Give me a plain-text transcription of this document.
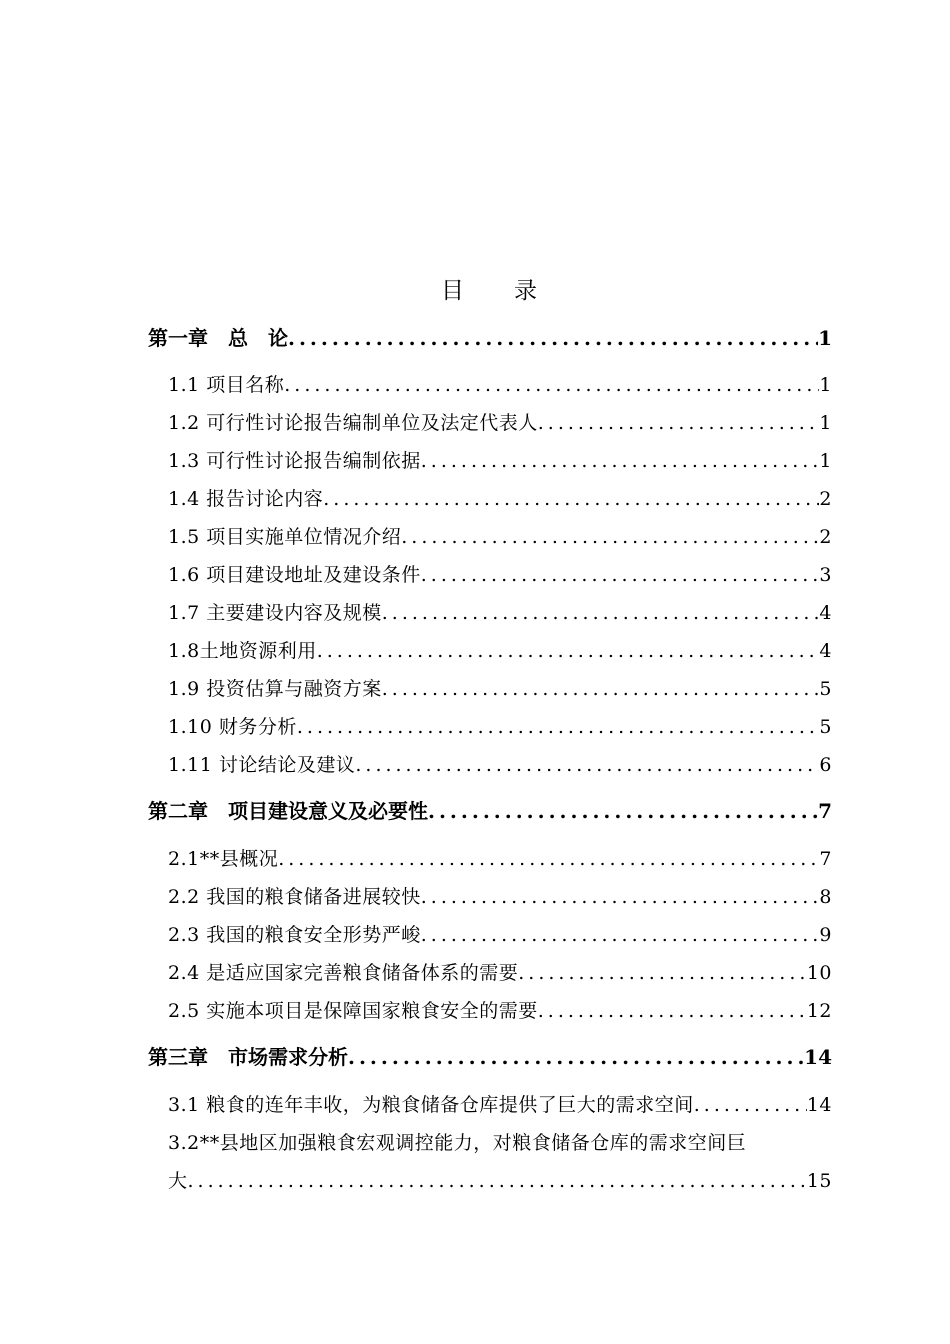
目 录
第一章　总　论 .....	1
1.1 项目名称 .....	1
1.2 可行性讨论报告编制单位及法定代表人 .....	1
1.3 可行性讨论报告编制依据 .....	1
1.4 报告讨论内容 .....	2
1.5 项目实施单位情况介绍 .....	2
1.6 项目建设地址及建设条件 .....	3
1.7 主要建设内容及规模 .....	4
1.8土地资源利用 .....	4
1.9 投资估算与融资方案 .....	5
1.10 财务分析 .....	5
1.11 讨论结论及建议 .....	6
第二章　项目建设意义及必要性 .....	7
2.1**县概况 .....	7
2.2 我国的粮食储备进展较快 .....	8
2.3 我国的粮食安全形势严峻 .....	9
2.4 是适应国家完善粮食储备体系的需要 .....	10
2.5 实施本项目是保障国家粮食安全的需要 .....	12
第三章　市场需求分析 .....	14
3.1 粮食的连年丰收，为粮食储备仓库提供了巨大的需求空间 .....	14
3.2**县地区加强粮食宏观调控能力，对粮食储备仓库的需求空间巨
大 .....	15
